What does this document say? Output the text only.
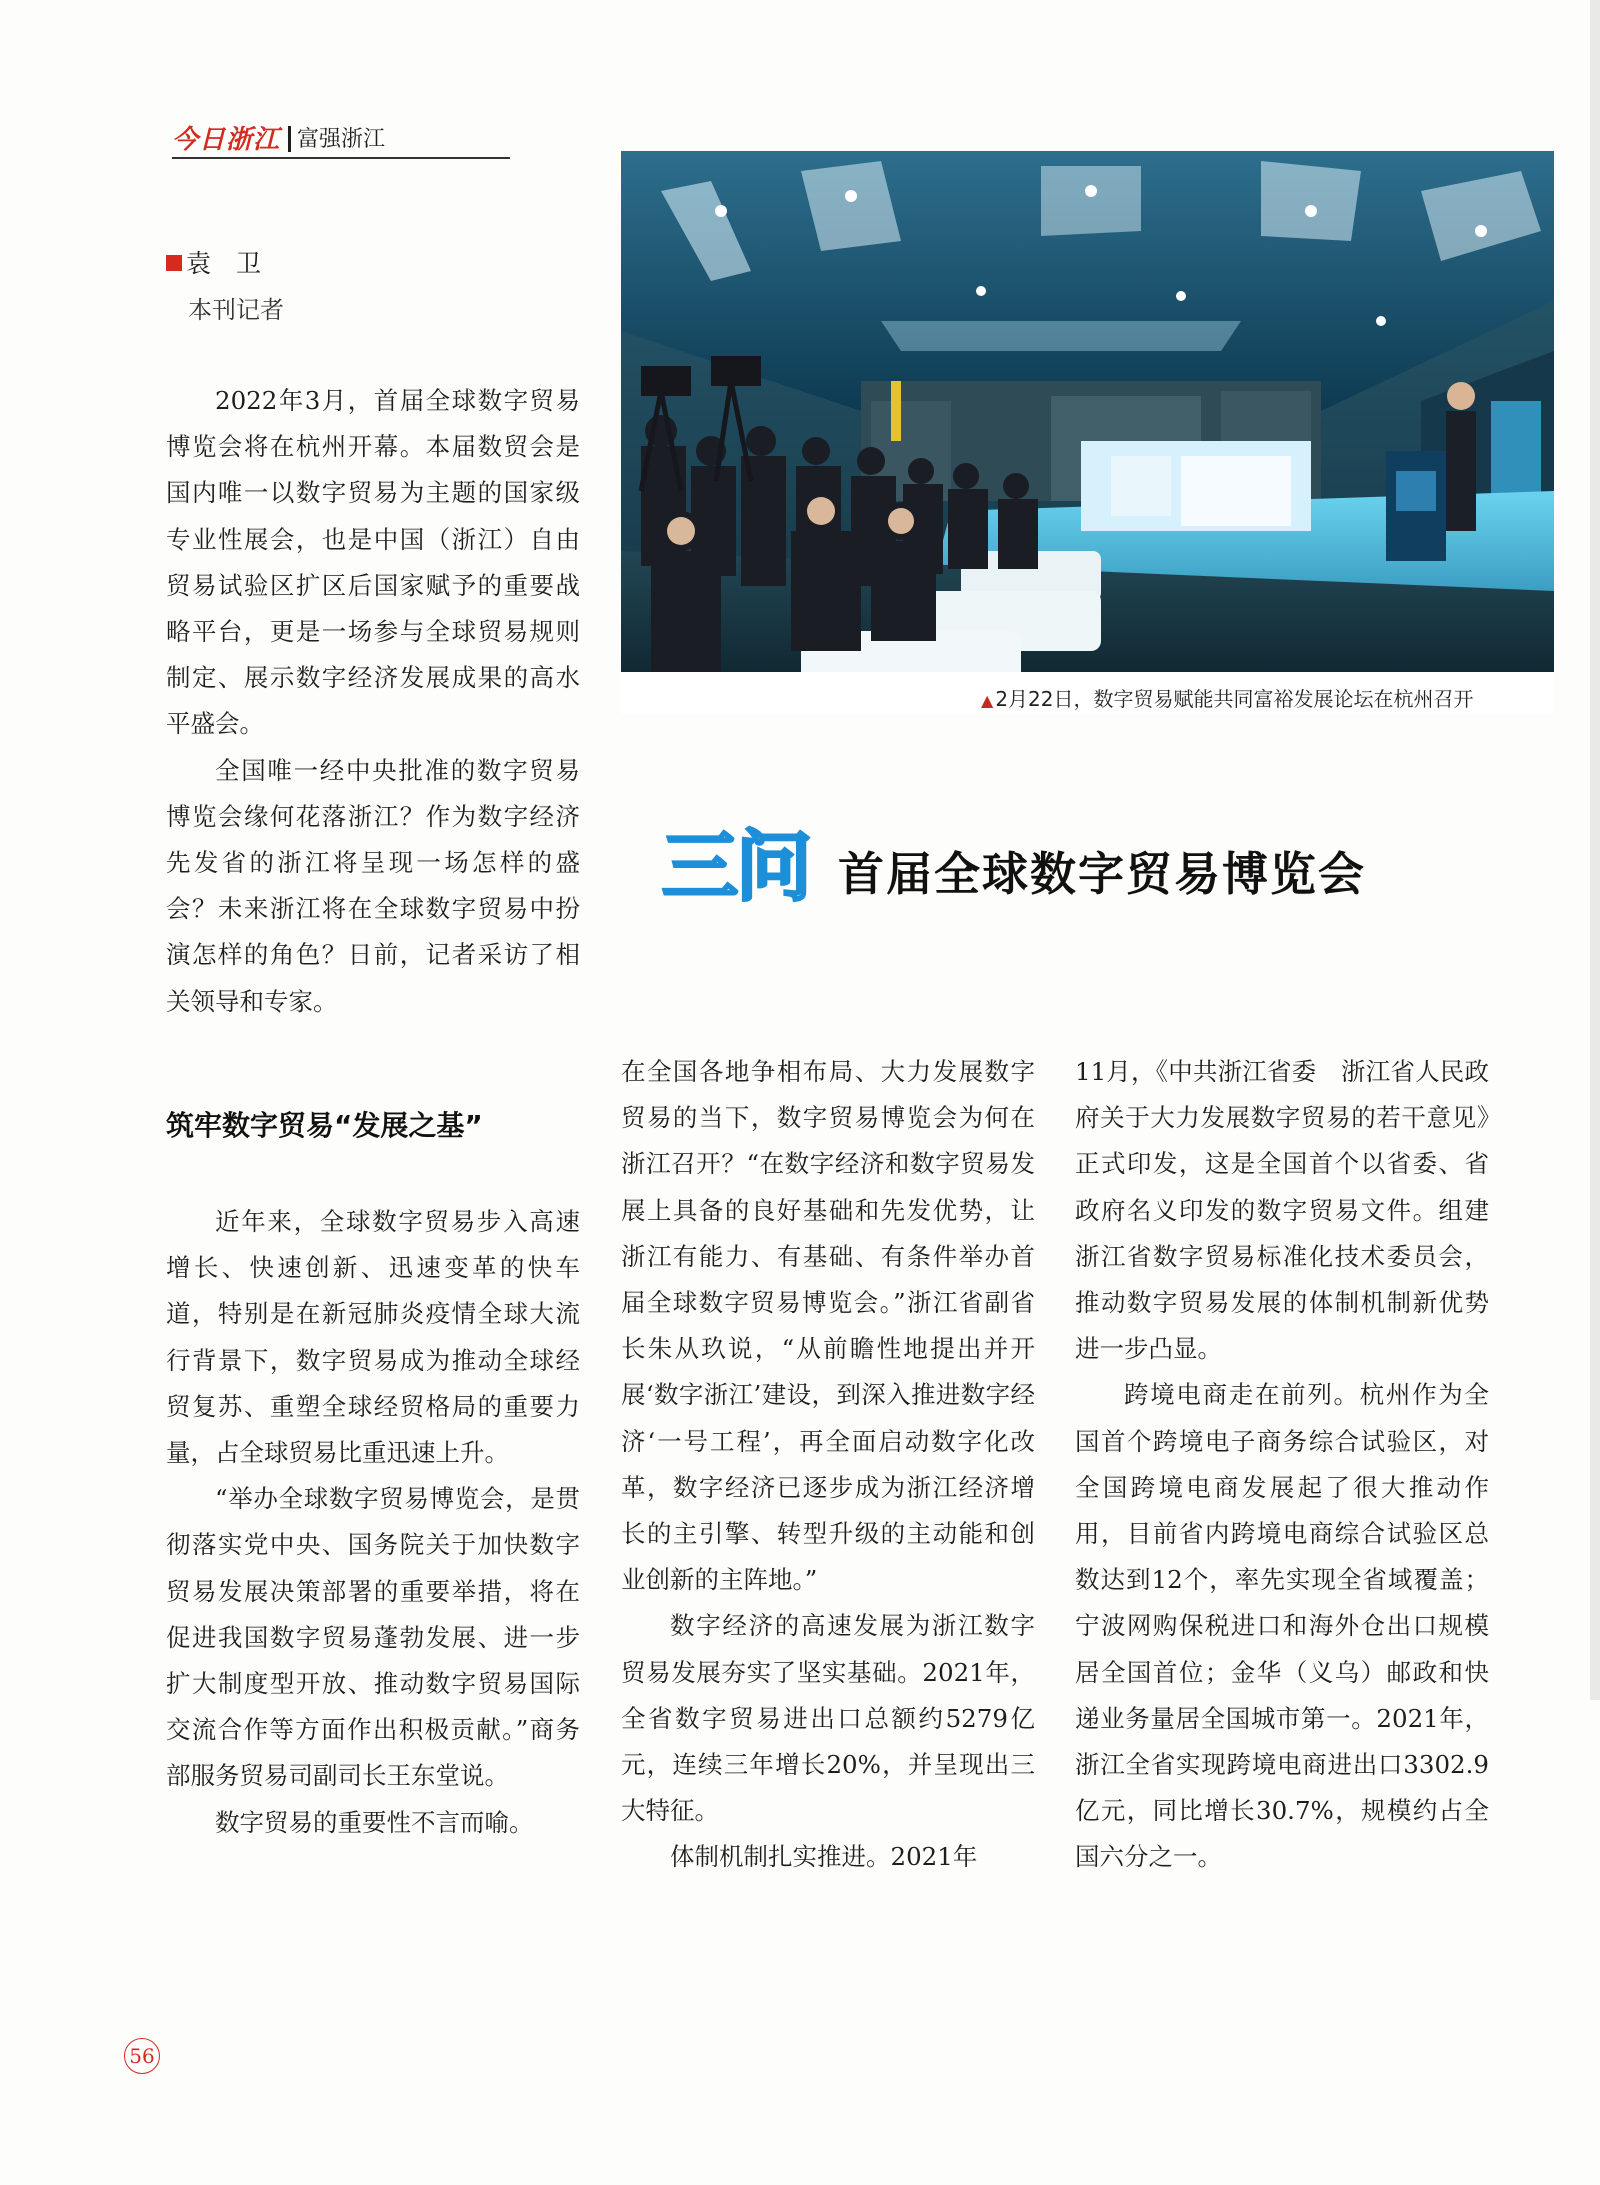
今日浙江 富强浙江
袁　卫
本刊记者
▲ 2月22日，数字贸易赋能共同富裕发展论坛在杭州召开
三问 首届全球数字贸易博览会

2022年3月，首届全球数字贸易博览会将在杭州开幕。本届数贸会是国内唯一以数字贸易为主题的国家级专业性展会，也是中国（浙江）自由贸易试验区扩区后国家赋予的重要战略平台，更是一场参与全球贸易规则制定、展示数字经济发展成果的高水平盛会。

全国唯一经中央批准的数字贸易博览会缘何花落浙江？作为数字经济先发省的浙江将呈现一场怎样的盛会？未来浙江将在全球数字贸易中扮演怎样的角色？日前，记者采访了相关领导和专家。

筑牢数字贸易“发展之基”

近年来，全球数字贸易步入高速增长、快速创新、迅速变革的快车道，特别是在新冠肺炎疫情全球大流行背景下，数字贸易成为推动全球经贸复苏、重塑全球经贸格局的重要力量，占全球贸易比重迅速上升。

“举办全球数字贸易博览会，是贯彻落实党中央、国务院关于加快数字贸易发展决策部署的重要举措，将在促进我国数字贸易蓬勃发展、进一步扩大制度型开放、推动数字贸易国际交流合作等方面作出积极贡献。”商务部服务贸易司副司长王东堂说。

数字贸易的重要性不言而喻。

在全国各地争相布局、大力发展数字贸易的当下，数字贸易博览会为何在浙江召开？“在数字经济和数字贸易发展上具备的良好基础和先发优势，让浙江有能力、有基础、有条件举办首届全球数字贸易博览会。”浙江省副省长朱从玖说，“从前瞻性地提出并开展‘数字浙江’建设，到深入推进数字经济‘一号工程’，再全面启动数字化改革，数字经济已逐步成为浙江经济增长的主引擎、转型升级的主动能和创业创新的主阵地。”

数字经济的高速发展为浙江数字贸易发展夯实了坚实基础。2021年，全省数字贸易进出口总额约5279亿元，连续三年增长20%，并呈现出三大特征。

体制机制扎实推进。2021年

11月，《中共浙江省委　浙江省人民政府关于大力发展数字贸易的若干意见》正式印发，这是全国首个以省委、省政府名义印发的数字贸易文件。组建浙江省数字贸易标准化技术委员会，推动数字贸易发展的体制机制新优势进一步凸显。

跨境电商走在前列。杭州作为全国首个跨境电子商务综合试验区，对全国跨境电商发展起了很大推动作用，目前省内跨境电商综合试验区总数达到12个，率先实现全省域覆盖；宁波网购保税进口和海外仓出口规模居全国首位；金华（义乌）邮政和快递业务量居全国城市第一。2021年，浙江全省实现跨境电商进出口3302.9亿元，同比增长30.7%，规模约占全国六分之一。

56
